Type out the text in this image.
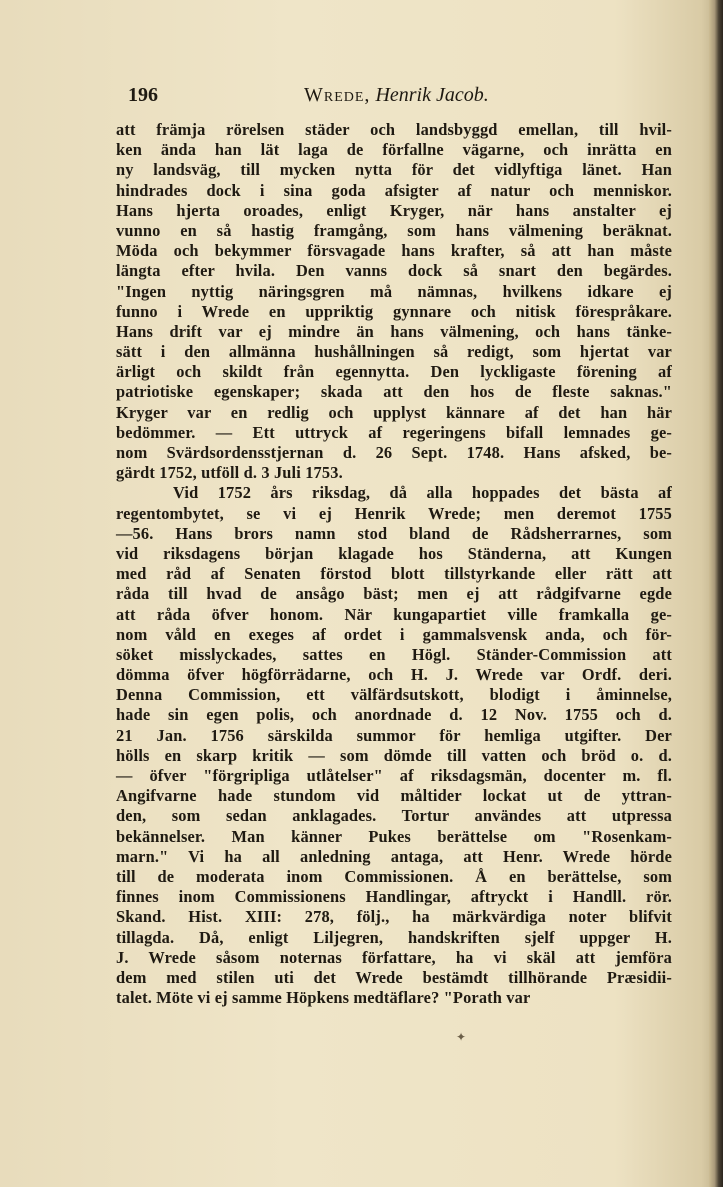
196	Wrede, Henrik Jacob.
att främja rörelsen städer och landsbyggd emellan, till hvil-
ken ända han lät laga de förfallne vägarne, och inrätta en
ny landsväg, till mycken nytta för det vidlyftiga länet. Han
hindrades dock i sina goda afsigter af natur och menniskor.
Hans hjerta oroades, enligt Kryger, när hans anstalter ej
vunno en så hastig framgång, som hans välmening beräknat.
Möda och bekymmer försvagade hans krafter, så att han måste
längta efter hvila. Den vanns dock så snart den begärdes.
"Ingen nyttig näringsgren må nämnas, hvilkens idkare ej
funno i Wrede en uppriktig gynnare och nitisk förespråkare.
Hans drift var ej mindre än hans välmening, och hans tänke-
sätt i den allmänna hushållningen så redigt, som hjertat var
ärligt och skildt från egennytta. Den lyckligaste förening af
patriotiske egenskaper; skada att den hos de fleste saknas."
Kryger var en redlig och upplyst kännare af det han här
bedömmer. — Ett uttryck af regeringens bifall lemnades ge-
nom Svärdsordensstjernan d. 26 Sept. 1748. Hans afsked, be-
gärdt 1752, utföll d. 3 Juli 1753.
Vid 1752 års riksdag, då alla hoppades det bästa af
regentombytet, se vi ej Henrik Wrede; men deremot 1755
—56. Hans brors namn stod bland de Rådsherrarnes, som
vid riksdagens början klagade hos Ständerna, att Kungen
med råd af Senaten förstod blott tillstyrkande eller rätt att
råda till hvad de ansågo bäst; men ej att rådgifvarne egde
att råda öfver honom. När kungapartiet ville framkalla ge-
nom våld en exeges af ordet i gammalsvensk anda, och för-
söket misslyckades, sattes en Högl. Ständer-Commission att
dömma öfver högförrädarne, och H. J. Wrede var Ordf. deri.
Denna Commission, ett välfärdsutskott, blodigt i åminnelse,
hade sin egen polis, och anordnade d. 12 Nov. 1755 och d.
21 Jan. 1756 särskilda summor för hemliga utgifter. Der
hölls en skarp kritik — som dömde till vatten och bröd o. d.
— öfver "förgripliga utlåtelser" af riksdagsmän, docenter m. fl.
Angifvarne hade stundom vid måltider lockat ut de yttran-
den, som sedan anklagades. Tortur användes att utpressa
bekännelser. Man känner Pukes berättelse om "Rosenkam-
marn." Vi ha all anledning antaga, att Henr. Wrede hörde
till de moderata inom Commissionen. Å en berättelse, som
finnes inom Commissionens Handlingar, aftryckt i Handll. rör.
Skand. Hist. XIII: 278, följ., ha märkvärdiga noter blifvit
tillagda. Då, enligt Liljegren, handskriften sjelf uppger H.
J. Wrede såsom noternas författare, ha vi skäl att jemföra
dem med stilen uti det Wrede bestämdt tillhörande Præsidii-
talet. Möte vi ej samme Höpkens medtäflare? "Porath var
✦
